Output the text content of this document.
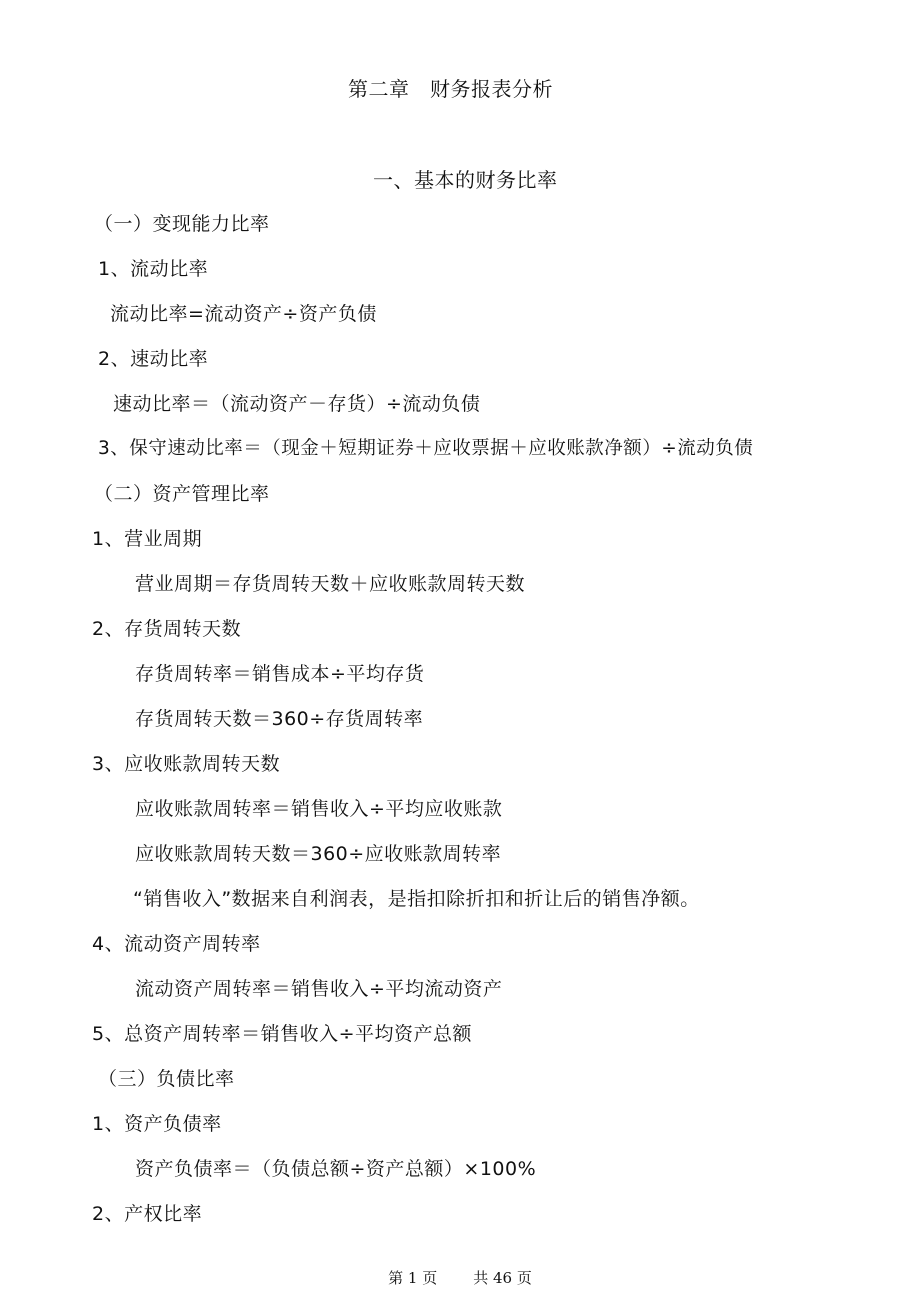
第二章　财务报表分析
一、基本的财务比率
（一）变现能力比率
1、流动比率
流动比率=流动资产÷资产负债
2、速动比率
速动比率＝（流动资产－存货）÷流动负债
3、保守速动比率＝（现金＋短期证券＋应收票据＋应收账款净额）÷流动负债
（二）资产管理比率
1、营业周期
营业周期＝存货周转天数＋应收账款周转天数
2、存货周转天数
存货周转率＝销售成本÷平均存货
存货周转天数＝360÷存货周转率
3、应收账款周转天数
应收账款周转率＝销售收入÷平均应收账款
应收账款周转天数＝360÷应收账款周转率
“销售收入”数据来自利润表，是指扣除折扣和折让后的销售净额。
4、流动资产周转率
流动资产周转率＝销售收入÷平均流动资产
5、总资产周转率＝销售收入÷平均资产总额
（三）负债比率
1、资产负债率
资产负债率＝（负债总额÷资产总额）×100%
2、产权比率
第 1 页 共 46 页
